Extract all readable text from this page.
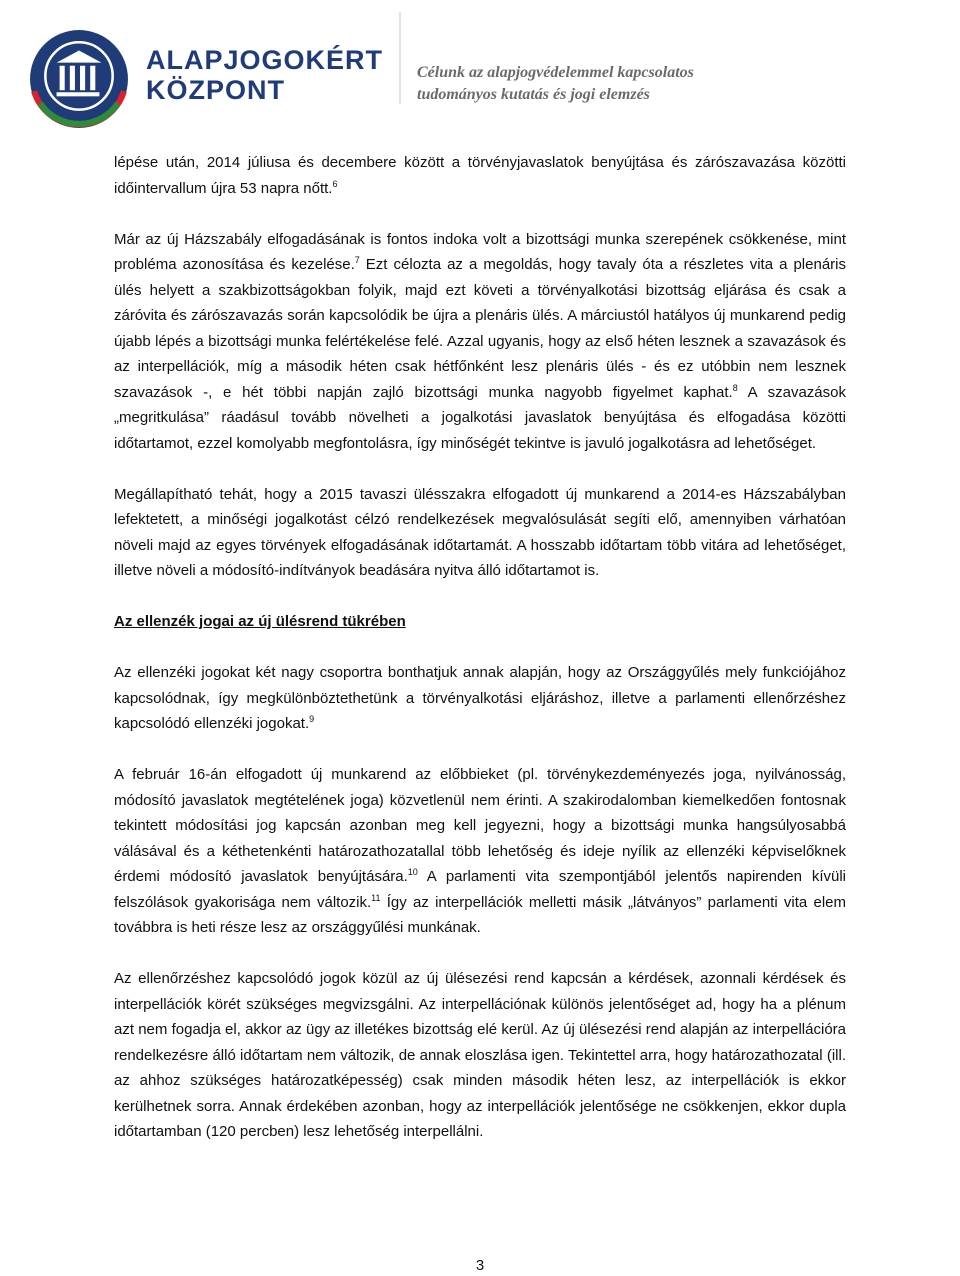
ALAPJOGOKÉRT
KÖZPONT
Célunk az alapjogvédelemmel kapcsolatos
tudományos kutatás és jogi elemzés

lépése után, 2014 júliusa és decembere között a törvényjavaslatok benyújtása és zárószavazása közötti időintervallum újra 53 napra nőtt.$^6$

Már az új Házszabály elfogadásának is fontos indoka volt a bizottsági munka szerepének csökkenése, mint probléma azonosítása és kezelése.$^7$ Ezt célozta az a megoldás, hogy tavaly óta a részletes vita a plenáris ülés helyett a szakbizottságokban folyik, majd ezt követi a törvényalkotási bizottság eljárása és csak a záróvita és zárószavazás során kapcsolódik be újra a plenáris ülés. A márciustól hatályos új munkarend pedig újabb lépés a bizottsági munka felértékelése felé. Azzal ugyanis, hogy az első héten lesznek a szavazások és az interpellációk, míg a második héten csak hétfőnként lesz plenáris ülés - és ez utóbbin nem lesznek szavazások -, e hét többi napján zajló bizottsági munka nagyobb figyelmet kaphat.$^8$ A szavazások „megritkulása” ráadásul tovább növelheti a jogalkotási javaslatok benyújtása és elfogadása közötti időtartamot, ezzel komolyabb megfontolásra, így minőségét tekintve is javuló jogalkotásra ad lehetőséget.

Megállapítható tehát, hogy a 2015 tavaszi ülésszakra elfogadott új munkarend a 2014-es Házszabályban lefektetett, a minőségi jogalkotást célzó rendelkezések megvalósulását segíti elő, amennyiben várhatóan növeli majd az egyes törvények elfogadásának időtartamát. A hosszabb időtartam több vitára ad lehetőséget, illetve növeli a módosító-indítványok beadására nyitva álló időtartamot is.

Az ellenzék jogai az új ülésrend tükrében

Az ellenzéki jogokat két nagy csoportra bonthatjuk annak alapján, hogy az Országgyűlés mely funkciójához kapcsolódnak, így megkülönböztethetünk a törvényalkotási eljáráshoz, illetve a parlamenti ellenőrzéshez kapcsolódó ellenzéki jogokat.$^9$

A február 16-án elfogadott új munkarend az előbbieket (pl. törvénykezdeményezés joga, nyilvánosság, módosító javaslatok megtételének joga) közvetlenül nem érinti. A szakirodalomban kiemelkedően fontosnak tekintett módosítási jog kapcsán azonban meg kell jegyezni, hogy a bizottsági munka hangsúlyosabbá válásával és a kéthetenkénti határozathozatallal több lehetőség és ideje nyílik az ellenzéki képviselőknek érdemi módosító javaslatok benyújtására.$^{10}$ A parlamenti vita szempontjából jelentős napirenden kívüli felszólások gyakorisága nem változik.$^{11}$ Így az interpellációk melletti másik „látványos” parlamenti vita elem továbbra is heti része lesz az országgyűlési munkának.

Az ellenőrzéshez kapcsolódó jogok közül az új ülésezési rend kapcsán a kérdések, azonnali kérdések és interpellációk körét szükséges megvizsgálni. Az interpellációnak különös jelentőséget ad, hogy ha a plénum azt nem fogadja el, akkor az ügy az illetékes bizottság elé kerül. Az új ülésezési rend alapján az interpellációra rendelkezésre álló időtartam nem változik, de annak eloszlása igen. Tekintettel arra, hogy határozathozatal (ill. az ahhoz szükséges határozatképesség) csak minden második héten lesz, az interpellációk is ekkor kerülhetnek sorra. Annak érdekében azonban, hogy az interpellációk jelentősége ne csökkenjen, ekkor dupla időtartamban (120 percben) lesz lehetőség interpellálni.

3
